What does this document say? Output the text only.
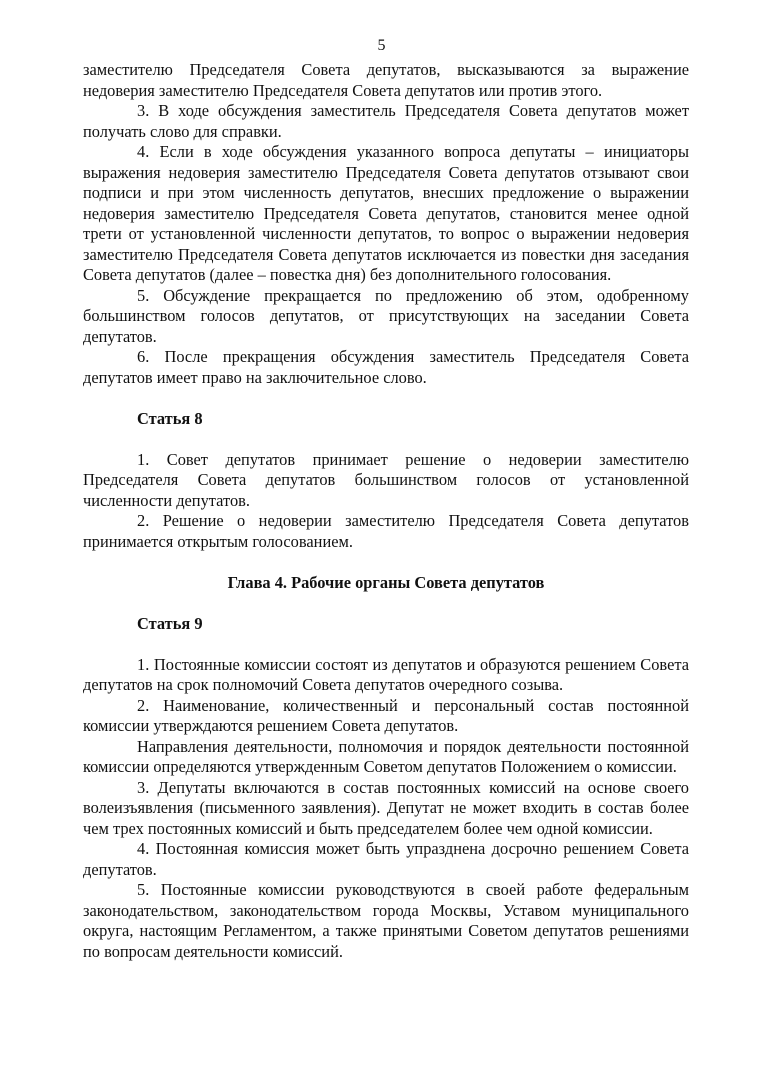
5

заместителю Председателя Совета депутатов, высказываются за выражение недоверия заместителю Председателя Совета депутатов или против этого.

3. В ходе обсуждения заместитель Председателя Совета депутатов может получать слово для справки.

4. Если в ходе обсуждения указанного вопроса депутаты – инициаторы выражения недоверия заместителю Председателя Совета депутатов отзывают свои подписи и при этом численность депутатов, внесших предложение о выражении недоверия заместителю Председателя Совета депутатов, становится менее одной трети от установленной численности депутатов, то вопрос о выражении недоверия заместителю Председателя Совета депутатов исключается из повестки дня заседания Совета депутатов (далее – повестка дня) без дополнительного голосования.

5. Обсуждение прекращается по предложению об этом, одобренному большинством голосов депутатов, от присутствующих на заседании Совета депутатов.

6. После прекращения обсуждения заместитель Председателя Совета депутатов имеет право на заключительное слово.

Статья 8

1. Совет депутатов принимает решение о недоверии заместителю Председателя Совета депутатов большинством голосов от установленной численности депутатов.

2. Решение о недоверии заместителю Председателя Совета депутатов принимается открытым голосованием.

Глава 4. Рабочие органы Совета депутатов
Статья 9

1. Постоянные комиссии состоят из депутатов и образуются решением Совета депутатов на срок полномочий Совета депутатов очередного созыва.

2. Наименование, количественный и персональный состав постоянной комиссии утверждаются решением Совета депутатов.

Направления деятельности, полномочия и порядок деятельности постоянной комиссии определяются утвержденным Советом депутатов Положением о комиссии.

3. Депутаты включаются в состав постоянных комиссий на основе своего волеизъявления (письменного заявления). Депутат не может входить в состав более чем трех постоянных комиссий и быть председателем более чем одной комиссии.

4. Постоянная комиссия может быть упразднена досрочно решением Совета депутатов.

5. Постоянные комиссии руководствуются в своей работе федеральным законодательством, законодательством города Москвы, Уставом муниципального округа, настоящим Регламентом, а также принятыми Советом депутатов решениями по вопросам деятельности комиссий.
